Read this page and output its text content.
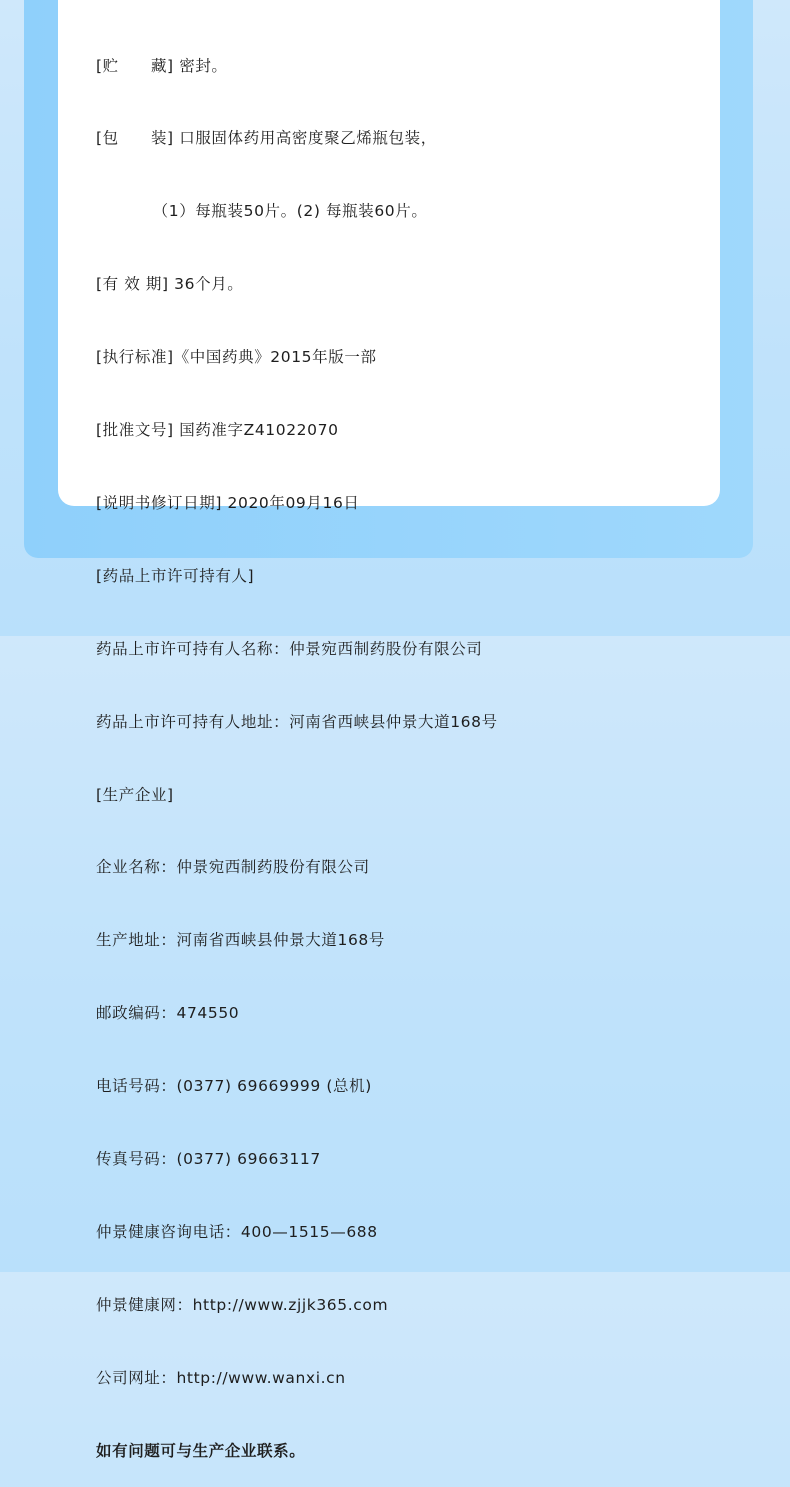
[贮　　藏] 密封。

[包　　装] 口服固体药用高密度聚乙烯瓶包装，

　　　　（1）每瓶装50片。(2) 每瓶装60片。

[有 效 期] 36个月。

[执行标准]《中国药典》2015年版一部

[批准文号] 国药准字Z41022070

[说明书修订日期] 2020年09月16日

[药品上市许可持有人]

药品上市许可持有人名称：仲景宛西制药股份有限公司

药品上市许可持有人地址：河南省西峡县仲景大道168号

[生产企业]

企业名称：仲景宛西制药股份有限公司

生产地址：河南省西峡县仲景大道168号

邮政编码：474550

电话号码：(0377) 69669999 (总机)

传真号码：(0377) 69663117

仲景健康咨询电话：400—1515—688

仲景健康网：http://www.zjjk365.com

公司网址：http://www.wanxi.cn

如有问题可与生产企业联系。
